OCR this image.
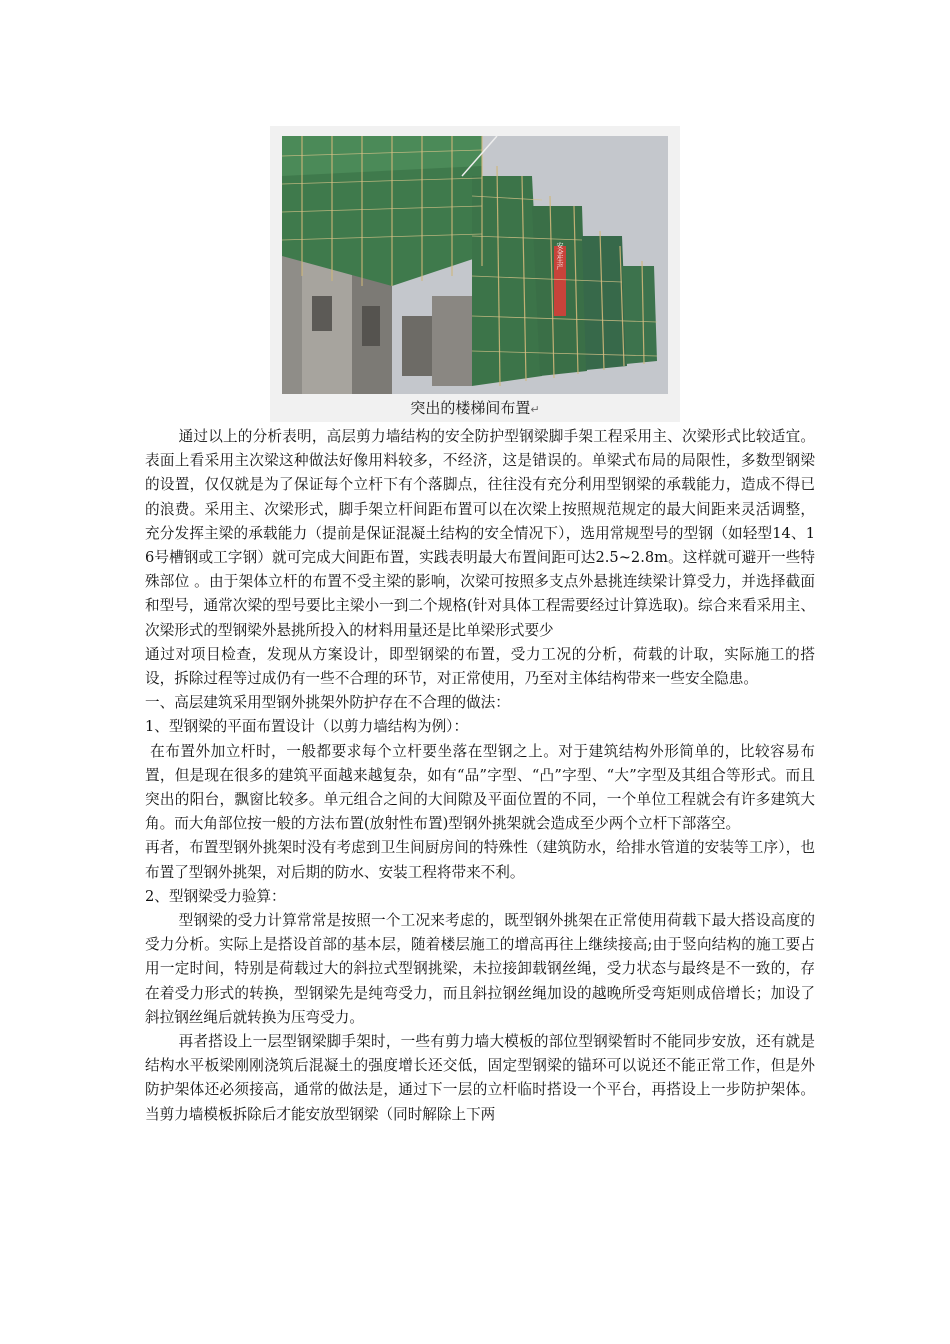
安全生产
突出的楼梯间布置↵

通过以上的分析表明，高层剪力墙结构的安全防护型钢梁脚手架工程采用主、次梁形式比较适宜。表面上看采用主次梁这种做法好像用料较多，不经济，这是错误的。单梁式布局的局限性，多数型钢梁的设置，仅仅就是为了保证每个立杆下有个落脚点，往往没有充分利用型钢梁的承载能力，造成不得已的浪费。采用主、次梁形式，脚手架立杆间距布置可以在次梁上按照规范规定的最大间距来灵活调整，充分发挥主梁的承载能力（提前是保证混凝土结构的安全情况下），选用常规型号的型钢（如轻型14、16号槽钢或工字钢）就可完成大间距布置，实践表明最大布置间距可达2.5~2.8m。这样就可避开一些特殊部位 。由于架体立杆的布置不受主梁的影响，次梁可按照多支点外悬挑连续梁计算受力，并选择截面和型号，通常次梁的型号要比主梁小一到二个规格(针对具体工程需要经过计算选取)。综合来看采用主、次梁形式的型钢梁外悬挑所投入的材料用量还是比单梁形式要少

通过对项目检查，发现从方案设计，即型钢梁的布置，受力工况的分析，荷载的计取，实际施工的搭设，拆除过程等过成仍有一些不合理的环节，对正常使用，乃至对主体结构带来一些安全隐患。

一、高层建筑采用型钢外挑架外防护存在不合理的做法：

1、型钢梁的平面布置设计（以剪力墙结构为例）：

在布置外加立杆时，一般都要求每个立杆要坐落在型钢之上。对于建筑结构外形简单的，比较容易布置，但是现在很多的建筑平面越来越复杂，如有“品”字型、“凸”字型、“大”字型及其组合等形式。而且突出的阳台，飘窗比较多。单元组合之间的大间隙及平面位置的不同，一个单位工程就会有许多建筑大角。而大角部位按一般的方法布置(放射性布置)型钢外挑架就会造成至少两个立杆下部落空。

再者，布置型钢外挑架时没有考虑到卫生间厨房间的特殊性（建筑防水，给排水管道的安装等工序），也布置了型钢外挑架，对后期的防水、安装工程将带来不利。

2、型钢梁受力验算：

型钢梁的受力计算常常是按照一个工况来考虑的，既型钢外挑架在正常使用荷载下最大搭设高度的受力分析。实际上是搭设首部的基本层，随着楼层施工的增高再往上继续接高;由于竖向结构的施工要占用一定时间，特别是荷载过大的斜拉式型钢挑梁，未拉接卸载钢丝绳，受力状态与最终是不一致的，存在着受力形式的转换，型钢梁先是纯弯受力，而且斜拉钢丝绳加设的越晚所受弯矩则成倍增长；加设了斜拉钢丝绳后就转换为压弯受力。

再者搭设上一层型钢梁脚手架时，一些有剪力墙大模板的部位型钢梁暂时不能同步安放，还有就是结构水平板梁刚刚浇筑后混凝土的强度增长还交低，固定型钢梁的锚环可以说还不能正常工作，但是外防护架体还必须接高，通常的做法是，通过下一层的立杆临时搭设一个平台，再搭设上一步防护架体。当剪力墙模板拆除后才能安放型钢梁（同时解除上下两
